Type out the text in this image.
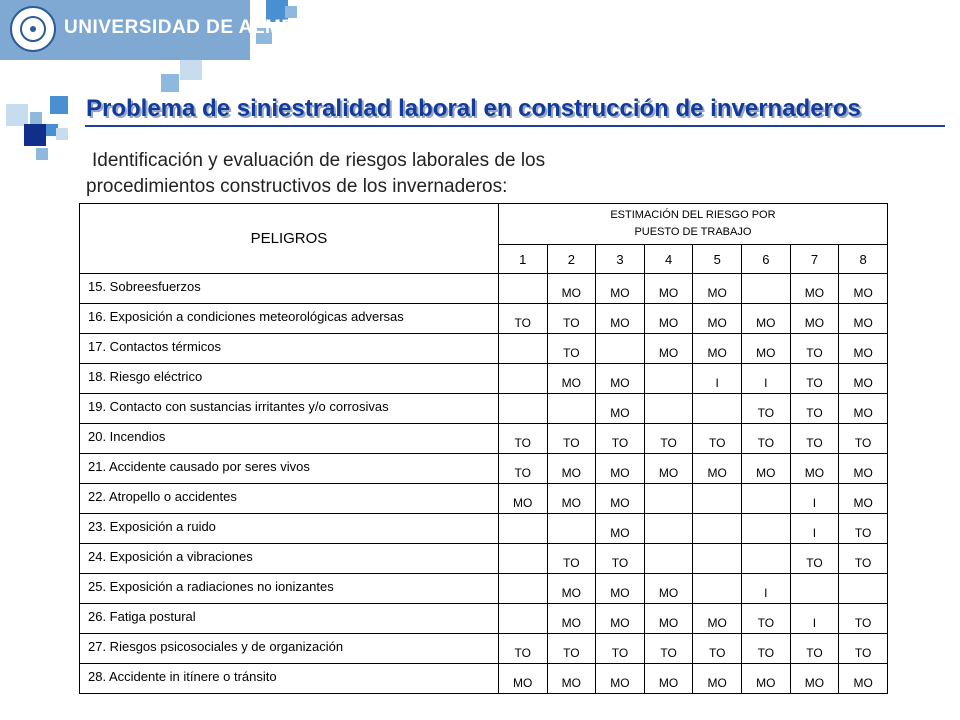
UNIVERSIDAD DE ALMERÍA
Problema de siniestralidad laboral en construcción de invernaderos
Identificación y evaluación de riesgos laborales de los
procedimientos constructivos de los invernaderos:
PELIGROS	ESTIMACIÓN DEL RIESGO POR
PUESTO DE TRABAJO							
	1	2	3	4	5	6	7	8
15. Sobreesfuerzos		MO	MO	MO	MO		MO	MO
16. Exposición a condiciones meteorológicas adversas	TO	TO	MO	MO	MO	MO	MO	MO
17. Contactos térmicos		TO		MO	MO	MO	TO	MO
18. Riesgo eléctrico		MO	MO		I	I	TO	MO
19. Contacto con sustancias irritantes y/o corrosivas			MO			TO	TO	MO
20. Incendios	TO	TO	TO	TO	TO	TO	TO	TO
21. Accidente causado por seres vivos	TO	MO	MO	MO	MO	MO	MO	MO
22. Atropello o accidentes	MO	MO	MO				I	MO
23. Exposición a ruido			MO				I	TO
24. Exposición a vibraciones		TO	TO				TO	TO
25. Exposición a radiaciones no ionizantes		MO	MO	MO		I		
26. Fatiga postural		MO	MO	MO	MO	TO	I	TO
27. Riesgos psicosociales y de organización	TO	TO	TO	TO	TO	TO	TO	TO
28. Accidente in itínere o tránsito	MO	MO	MO	MO	MO	MO	MO	MO
